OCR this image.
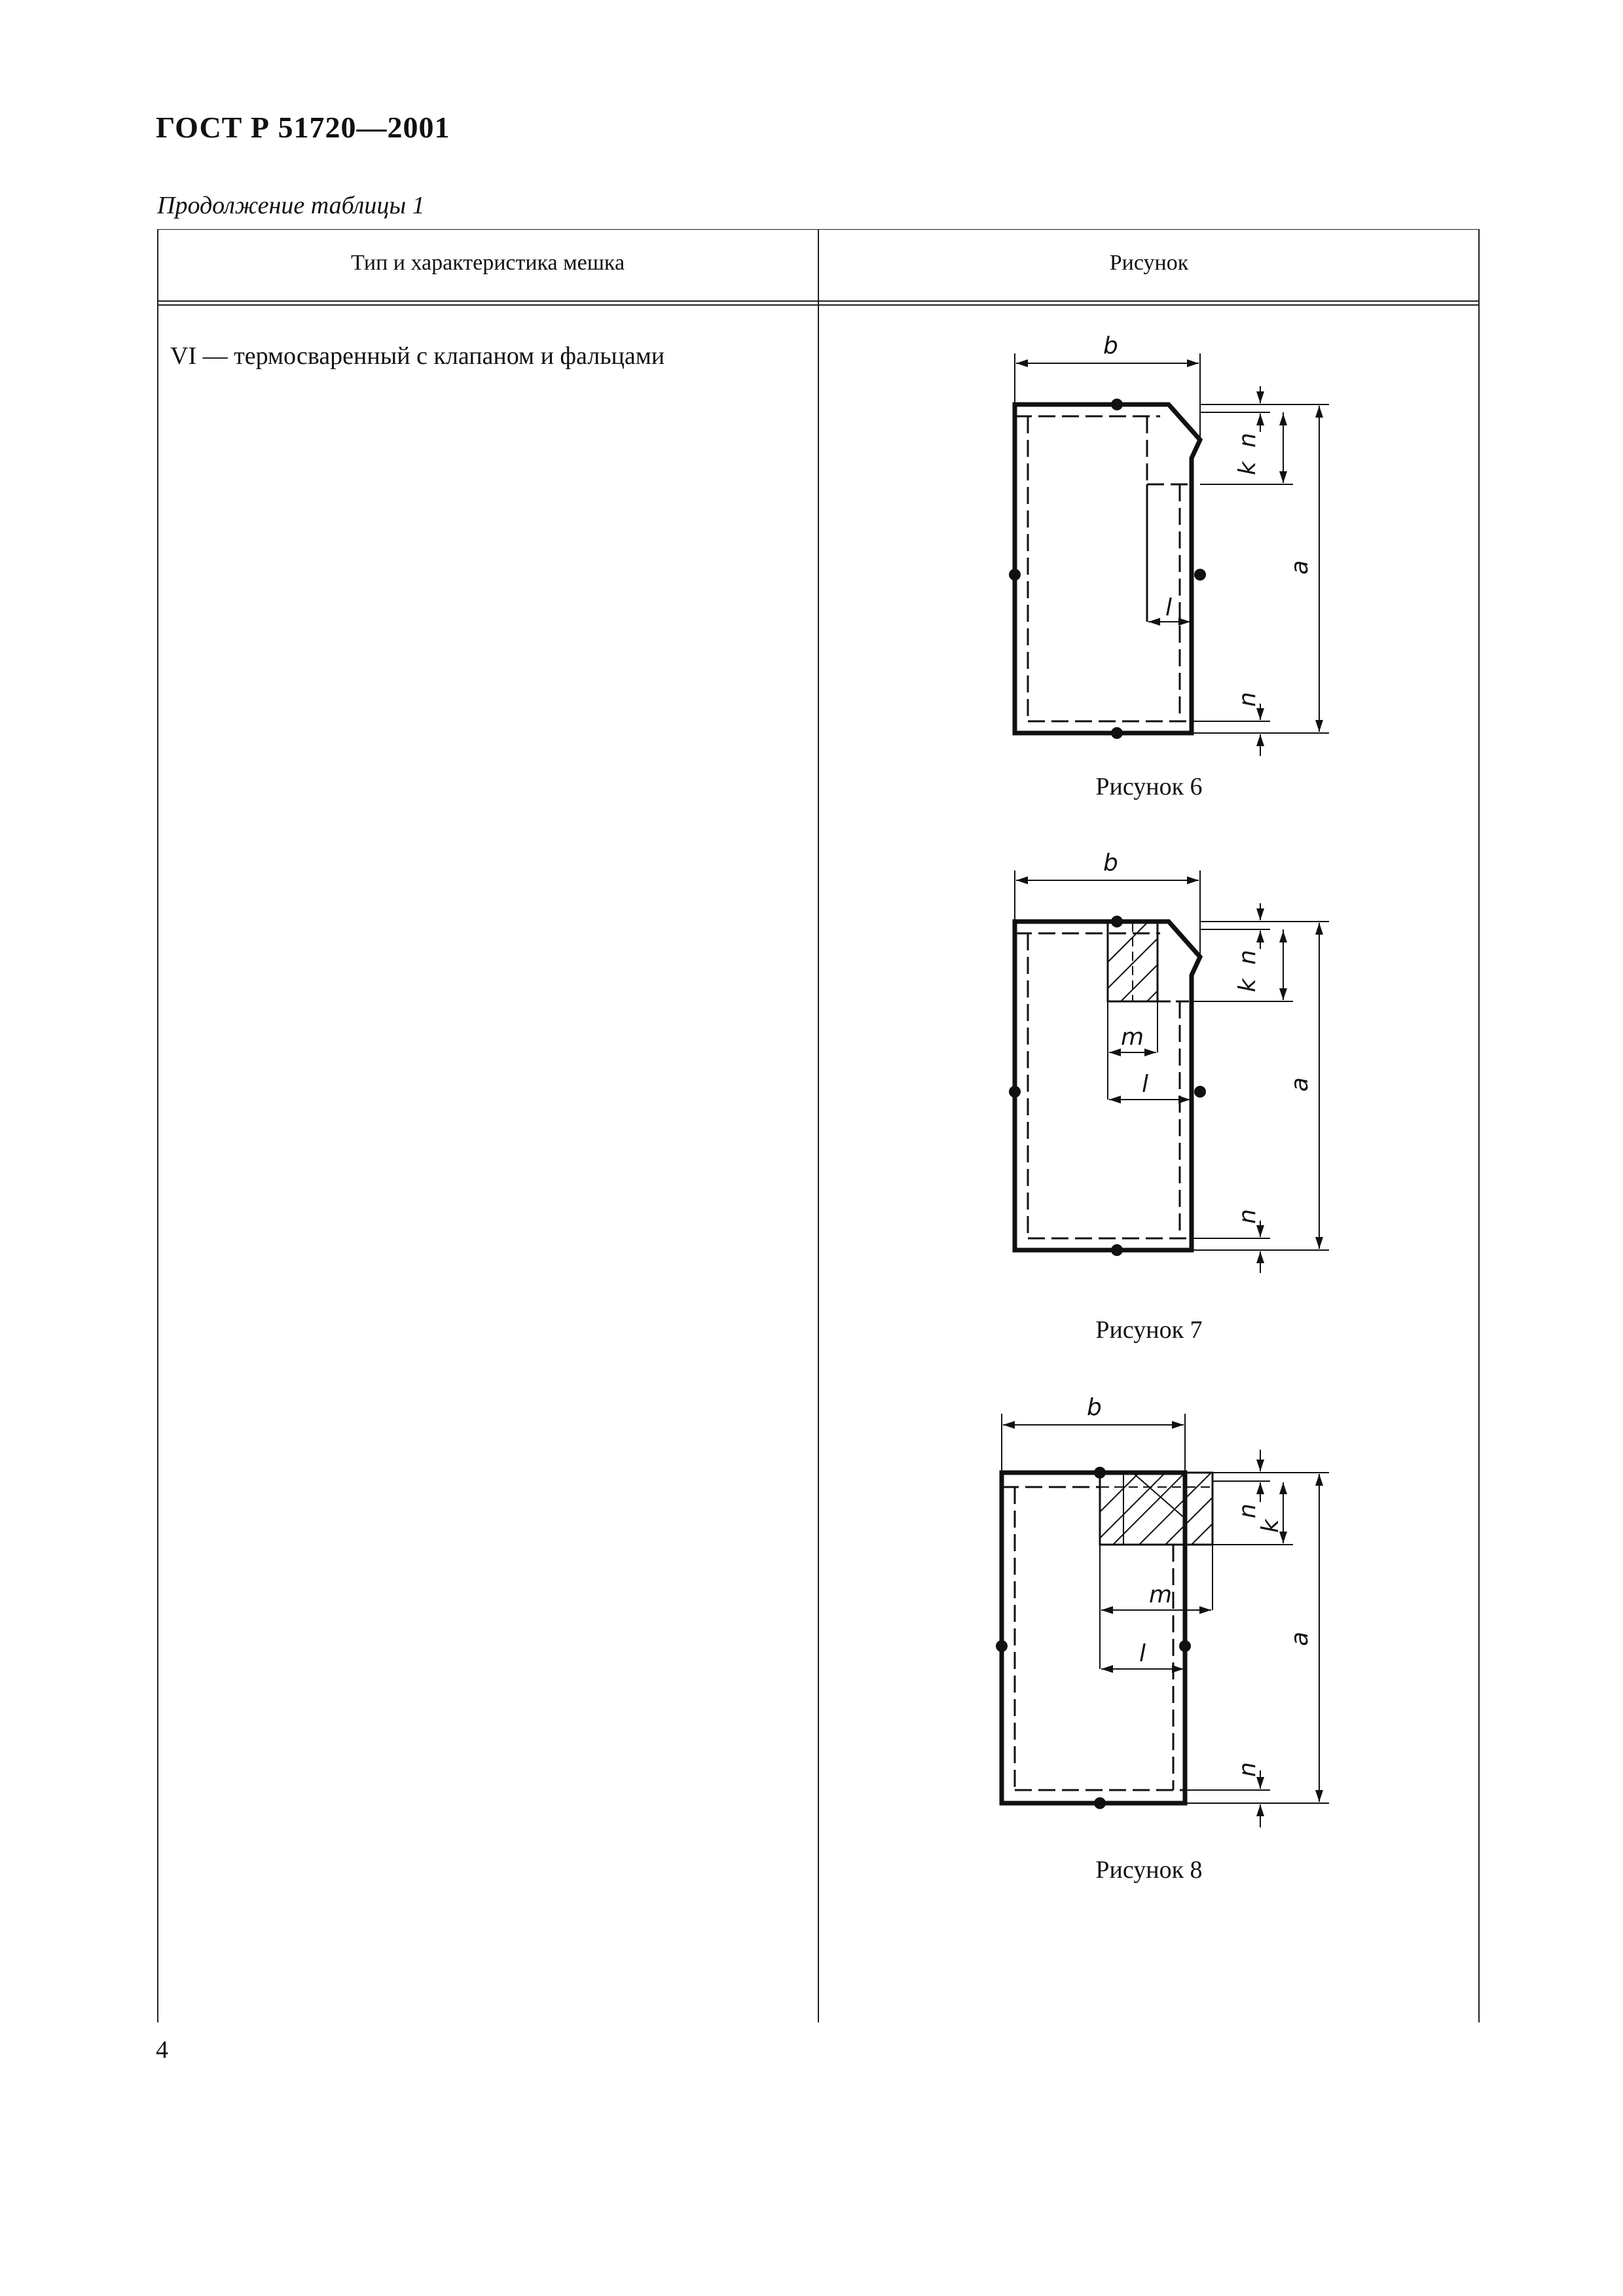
ГОСТ Р 51720—2001
Продолжение таблицы 1
Тип и характеристика мешка	Рисунок
VI — термосваренный с клапаном и фальцами	b
a
n
k
l
n
Рисунок 6
b
a
n
k
m
l
n
Рисунок 7
b
a
n
k
m
l
n
Рисунок 8
4
